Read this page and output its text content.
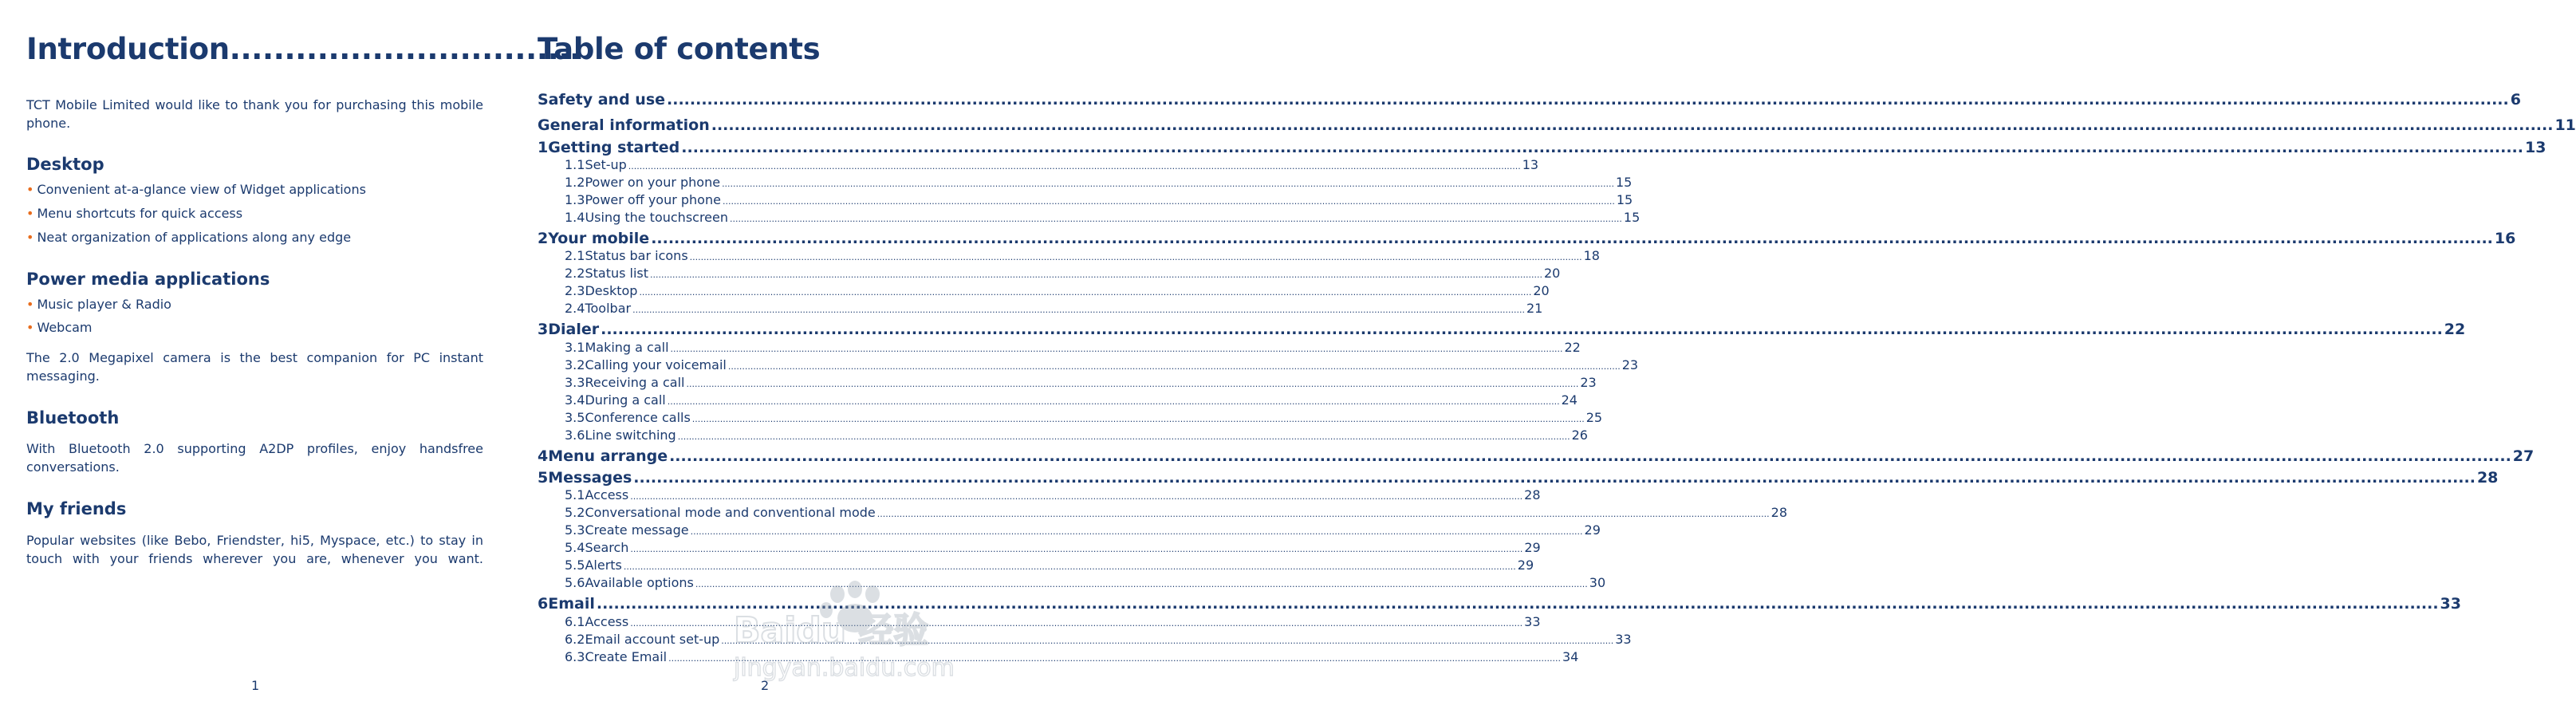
Introduction................................

TCT Mobile Limited would like to thank you for purchasing this mobile phone.

Desktop
• Convenient at-a-glance view of Widget applications
• Menu shortcuts for quick access
• Neat organization of applications along any edge
Power media applications
• Music player & Radio
• Webcam

The 2.0 Megapixel camera is the best companion for PC instant messaging.

Bluetooth

With Bluetooth 2.0 supporting A2DP profiles, enjoy handsfree conversations.

My friends

Popular websites (like Bebo, Friendster, hi5, Myspace, etc.) to stay in touch with your friends wherever you are, whenever you want.

1
Table of contents
Safety and use .....	6
General information .....	11
1 Getting started .....	13
1.1 Set-up .....	13
1.2 Power on your phone .....	15
1.3 Power off your phone .....	15
1.4 Using the touchscreen .....	15
2 Your mobile .....	16
2.1 Status bar icons .....	18
2.2 Status list .....	20
2.3 Desktop .....	20
2.4 Toolbar .....	21
3 Dialer .....	22
3.1 Making a call .....	22
3.2 Calling your voicemail .....	23
3.3 Receiving a call .....	23
3.4 During a call .....	24
3.5 Conference calls .....	25
3.6 Line switching .....	26
4 Menu arrange .....	27
5 Messages .....	28
5.1 Access .....	28
5.2 Conversational mode and conventional mode .....	28
5.3 Create message .....	29
5.4 Search .....	29
5.5 Alerts .....	29
5.6 Available options .....	30
6 Email .....	33
6.1 Access .....	33
6.2 Email account set-up .....	33
6.3 Create Email .....	34
2
Baidu 经验
jingyan.baidu.com
